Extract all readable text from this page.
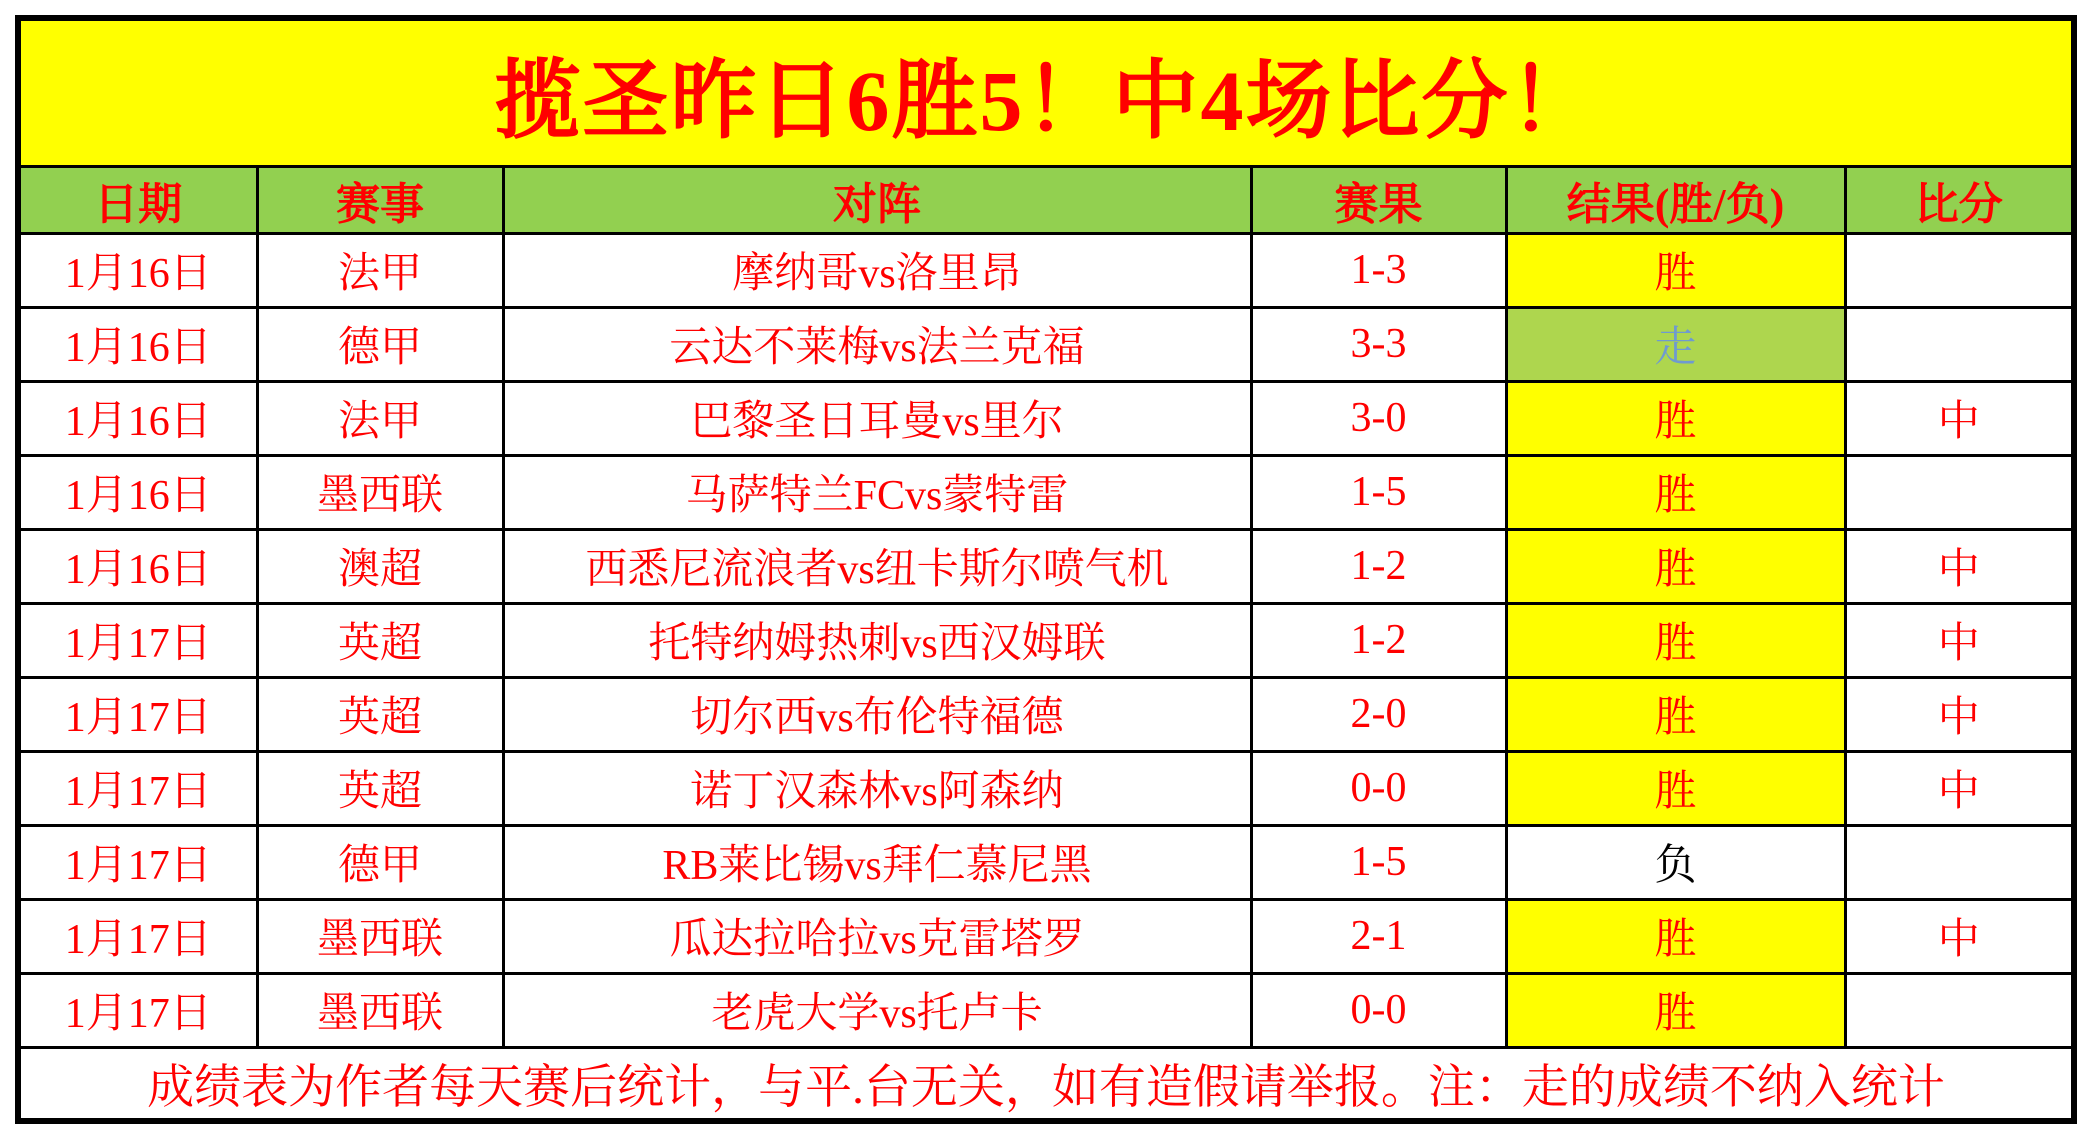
揽圣昨日6胜5！中4场比分！					
日期	赛事	对阵	赛果	结果(胜/负)	比分
1月16日	法甲	摩纳哥vs洛里昂	1-3	胜	
1月16日	德甲	云达不莱梅vs法兰克福	3-3	走	
1月16日	法甲	巴黎圣日耳曼vs里尔	3-0	胜	中
1月16日	墨西联	马萨特兰FCvs蒙特雷	1-5	胜	
1月16日	澳超	西悉尼流浪者vs纽卡斯尔喷气机	1-2	胜	中
1月17日	英超	托特纳姆热刺vs西汉姆联	1-2	胜	中
1月17日	英超	切尔西vs布伦特福德	2-0	胜	中
1月17日	英超	诺丁汉森林vs阿森纳	0-0	胜	中
1月17日	德甲	RB莱比锡vs拜仁慕尼黑	1-5	负	
1月17日	墨西联	瓜达拉哈拉vs克雷塔罗	2-1	胜	中
1月17日	墨西联	老虎大学vs托卢卡	0-0	胜	
成绩表为作者每天赛后统计，与平.台无关，如有造假请举报。注：走的成绩不纳入统计					
